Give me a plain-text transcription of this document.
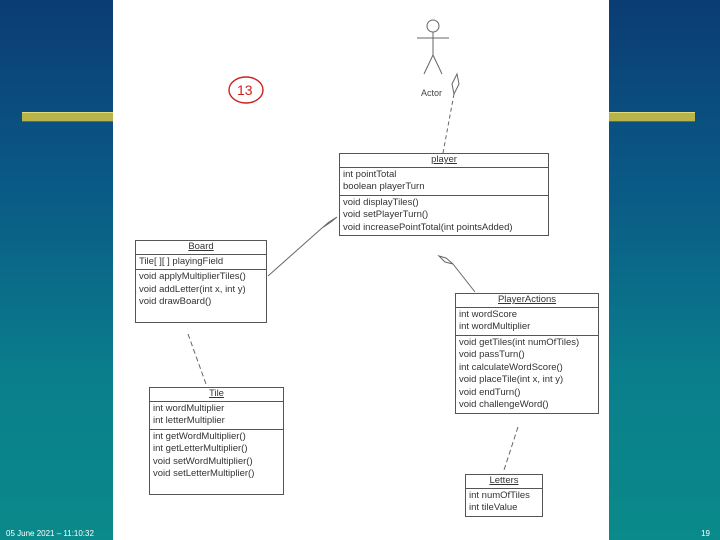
13	Actor
player
int pointTotal
boolean playerTurn
void displayTiles()
void setPlayerTurn()
void increasePointTotal(int pointsAdded)
Board
Tile[ ][ ] playingField
void applyMultiplierTiles()
void addLetter(int x, int y)
void drawBoard()	PlayerActions
int wordScore
int wordMultiplier
void getTiles(int numOfTiles)
void passTurn()
int calculateWordScore()
void placeTile(int x, int y)
void endTurn()
void challengeWord()
Tile
int wordMultiplier
int letterMultiplier
int getWordMultiplier()
int getLetterMultiplier()
void setWordMultiplier()
void setLetterMultiplier()
Letters
int numOfTiles
int tileValue
05 June 2021 – 11:10:32	19
